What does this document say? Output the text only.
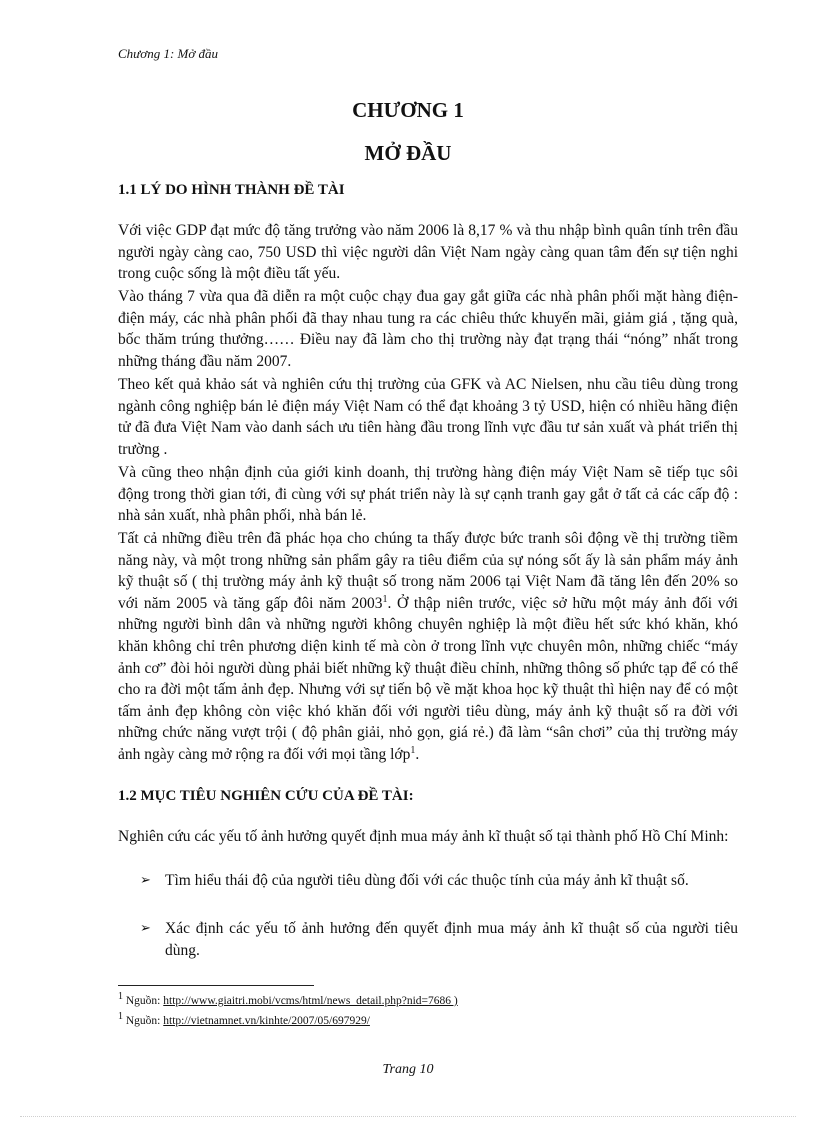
Chương 1: Mở đầu
CHƯƠNG 1
MỞ ĐẦU
1.1 LÝ DO HÌNH THÀNH ĐỀ TÀI

Với việc GDP đạt mức độ tăng trưởng vào năm 2006 là 8,17 % và thu nhập bình quân tính trên đầu người ngày càng cao, 750 USD thì việc người dân Việt Nam ngày càng quan tâm đến sự tiện nghi trong cuộc sống là một điều tất yếu.

Vào tháng 7 vừa qua đã diễn ra một cuộc chạy đua gay gắt giữa các nhà phân phối mặt hàng điện- điện máy, các nhà phân phối đã thay nhau tung ra các chiêu thức khuyến mãi, giảm giá , tặng quà, bốc thăm trúng thưởng…… Điều nay đã làm cho thị trường này đạt trạng thái “nóng” nhất trong những tháng đầu năm 2007.

Theo kết quả khảo sát và nghiên cứu thị trường của GFK và AC Nielsen, nhu cầu tiêu dùng trong ngành công nghiệp bán lẻ điện máy Việt Nam có thể đạt khoảng 3 tỷ USD, hiện có nhiều hãng điện tử đã đưa Việt Nam vào danh sách ưu tiên hàng đầu trong lĩnh vực đầu tư sản xuất và phát triển thị trường .

Và cũng theo nhận định của giới kinh doanh, thị trường hàng điện máy Việt Nam sẽ tiếp tục sôi động trong thời gian tới, đi cùng với sự phát triển này là sự cạnh tranh gay gắt ở tất cả các cấp độ : nhà sản xuất, nhà phân phối, nhà bán lẻ.

Tất cả những điều trên đã phác họa cho chúng ta thấy được bức tranh sôi động về thị trường tiềm năng này, và một trong những sản phẩm gây ra tiêu điểm của sự nóng sốt ấy là sản phẩm máy ảnh kỹ thuật số ( thị trường máy ảnh kỹ thuật số trong năm 2006 tại Việt Nam đã tăng lên đến 20% so với năm 2005 và tăng gấp đôi năm 2003$^1$. Ở thập niên trước, việc sở hữu một máy ảnh đối với những người bình dân và những người không chuyên nghiệp là một điều hết sức khó khăn, khó khăn không chỉ trên phương diện kinh tế mà còn ở trong lĩnh vực chuyên môn, những chiếc “máy ảnh cơ” đòi hỏi người dùng phải biết những kỹ thuật điều chỉnh, những thông số phức tạp để có thể cho ra đời một tấm ảnh đẹp. Nhưng với sự tiến bộ về mặt khoa học kỹ thuật thì hiện nay để có một tấm ảnh đẹp không còn việc khó khăn đối với người tiêu dùng, máy ảnh kỹ thuật số ra đời với những chức năng vượt trội ( độ phân giải, nhỏ gọn, giá rẻ.) đã làm “sân chơi” của thị trường máy ảnh ngày càng mở rộng ra đối với mọi tầng lớp$^1$.

1.2 MỤC TIÊU NGHIÊN CỨU CỦA ĐỀ TÀI:

Nghiên cứu các yếu tố ảnh hưởng quyết định mua máy ảnh kĩ thuật số tại thành phố Hồ Chí Minh:

➢ Tìm hiểu thái độ của người tiêu dùng đối với các thuộc tính của máy ảnh kĩ thuật số.
➢ Xác định các yếu tố ảnh hưởng đến quyết định mua máy ảnh kĩ thuật số của người tiêu dùng.
$^1$ Nguồn: http://www.giaitri.mobi/vcms/html/news_detail.php?nid=7686 )
$^1$ Nguồn: http://vietnamnet.vn/kinhte/2007/05/697929/
Trang 10
